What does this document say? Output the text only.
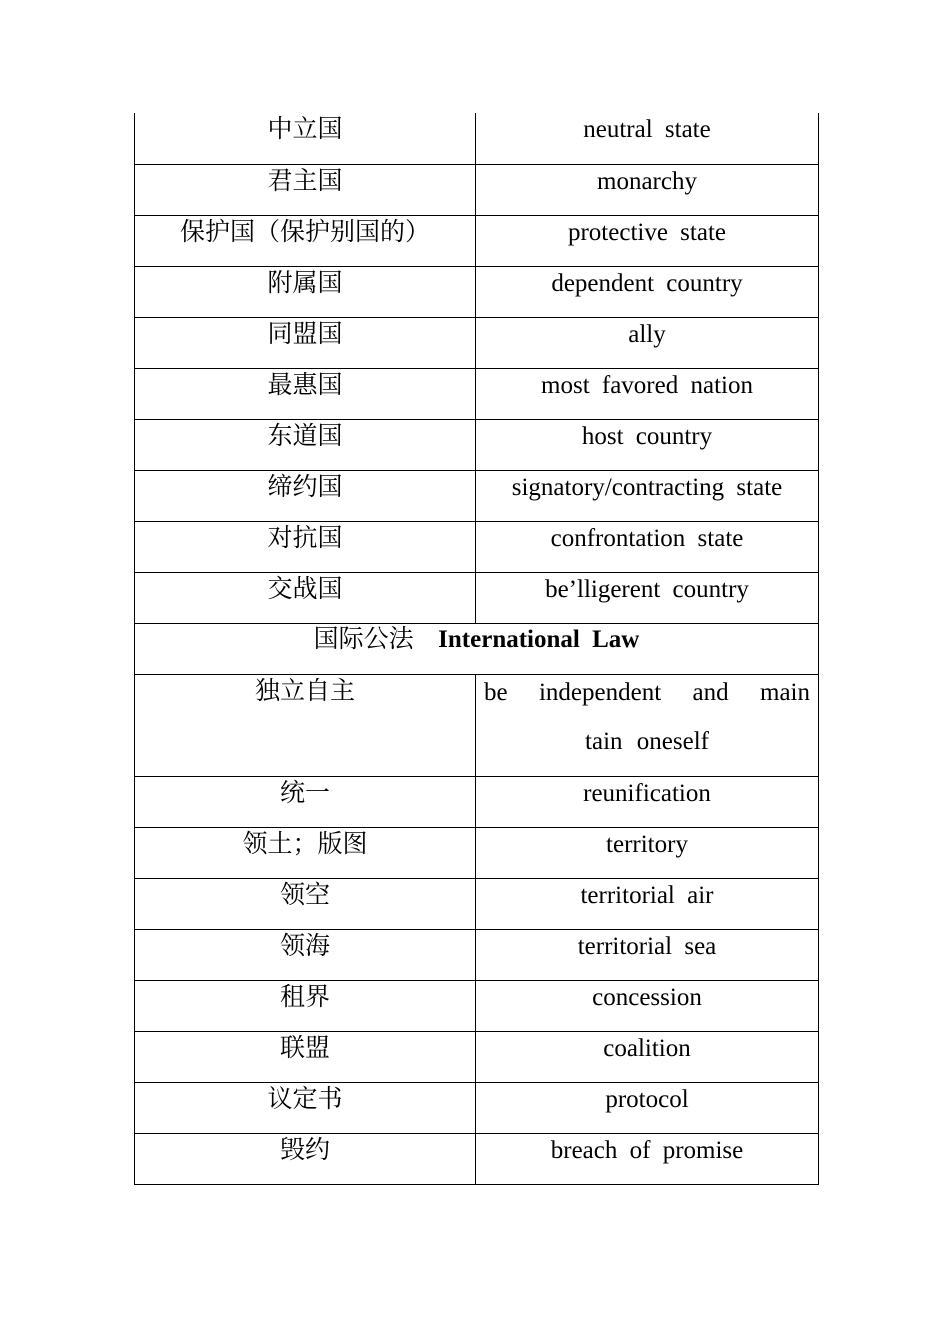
中立国	neutral state

君主国	monarchy

保护国（保护别国的）	protective state

附属国	dependent country

同盟国	ally

最惠国	most favored nation

东道国	host country

缔约国	signatory/contracting state

对抗国	confrontation state

交战国	be’lligerent country

国际公法 International Law	

独立自主	be independent and main tain oneself

统一	reunification

领土；版图	territory

领空	territorial air

领海	territorial sea

租界	concession

联盟	coalition

议定书	protocol

毁约	breach of promise
